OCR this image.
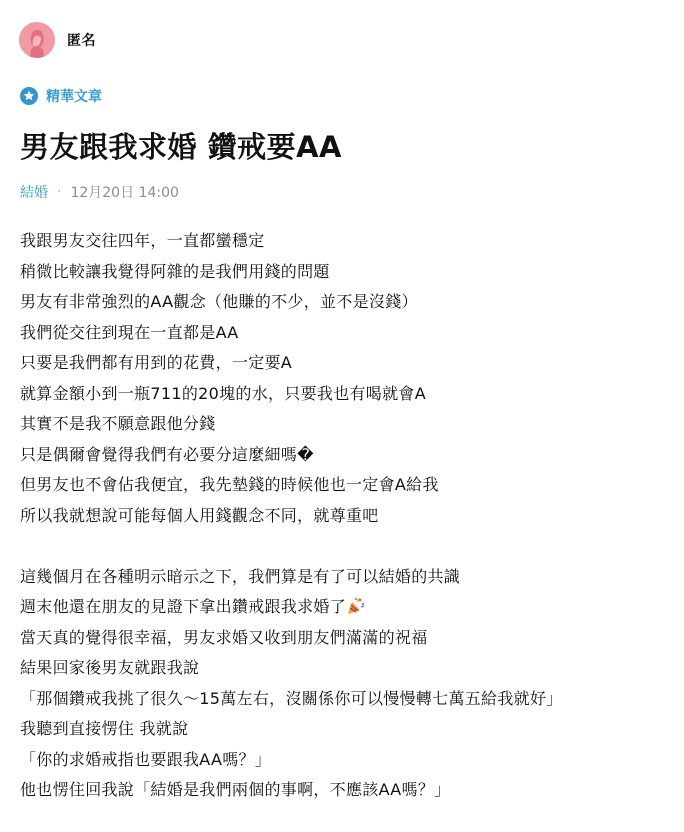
匿名
精華文章
男友跟我求婚 鑽戒要AA
結婚 · 12月20日 14:00
我跟男友交往四年，一直都蠻穩定
稍微比較讓我覺得阿雜的是我們用錢的問題
男友有非常強烈的AA觀念（他賺的不少，並不是沒錢）
我們從交往到現在一直都是AA
只要是我們都有用到的花費，一定要A
就算金額小到一瓶711的20塊的水，只要我也有喝就會A
其實不是我不願意跟他分錢
只是偶爾會覺得我們有必要分這麼細嗎�
但男友也不會佔我便宜，我先墊錢的時候他也一定會A給我
所以我就想說可能每個人用錢觀念不同，就尊重吧
這幾個月在各種明示暗示之下，我們算是有了可以結婚的共識
週末他還在朋友的見證下拿出鑽戒跟我求婚了
當天真的覺得很幸福，男友求婚又收到朋友們滿滿的祝福
結果回家後男友就跟我說
「那個鑽戒我挑了很久～15萬左右，沒關係你可以慢慢轉七萬五給我就好」
我聽到直接愣住 我就說
「你的求婚戒指也要跟我AA嗎？」
他也愣住回我說「結婚是我們兩個的事啊，不應該AA嗎？」
